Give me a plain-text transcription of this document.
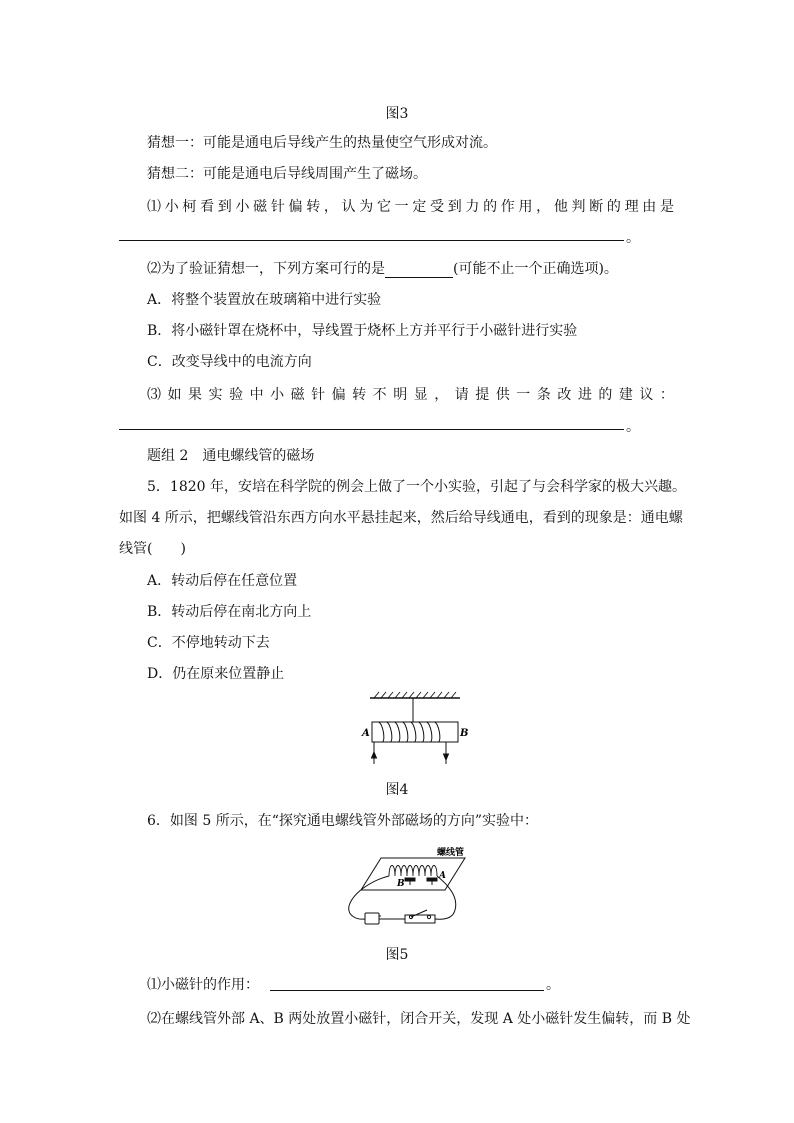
图3
猜想一：可能是通电后导线产生的热量使空气形成对流。
猜想二：可能是通电后导线周围产生了磁场。
⑴ 小 柯 看 到 小 磁 针 偏 转 ， 认 为 它 一 定 受 到 力 的 作 用 ， 他 判 断 的 理 由 是
。
⑵为了验证猜想一，下列方案可行的是	(可能不止一个正确选项)。
A．将整个装置放在玻璃箱中进行实验
B．将小磁针罩在烧杯中，导线置于烧杯上方并平行于小磁针进行实验
C．改变导线中的电流方向
⑶ 如 果 实 验 中 小 磁 针 偏 转 不 明 显 ， 请 提 供 一 条 改 进 的 建 议 ：
。
题组 2　通电螺线管的磁场
5．1820 年，安培在科学院的例会上做了一个小实验，引起了与会科学家的极大兴趣。
如图 4 所示，把螺线管沿东西方向水平悬挂起来，然后给导线通电，看到的现象是：通电螺
线管(　　)
A．转动后停在任意位置
B．转动后停在南北方向上
C．不停地转动下去
D．仍在原来位置静止
A	B
图4
6．如图 5 所示，在“探究通电螺线管外部磁场的方向”实验中：
螺线管
B
A
图5
⑴小磁针的作用：	。
⑵在螺线管外部 A、B 两处放置小磁针，闭合开关，发现 A 处小磁针发生偏转，而 B 处
